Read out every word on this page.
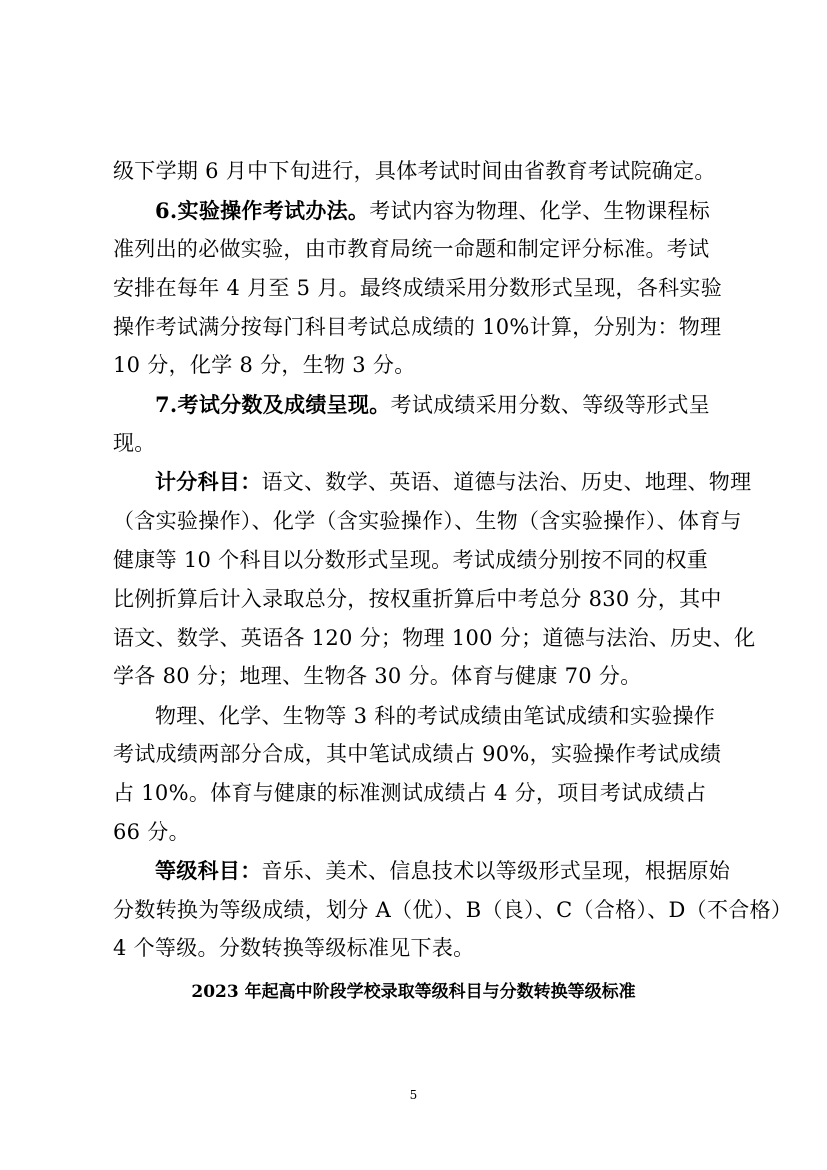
级下学期 6 月中下旬进行，具体考试时间由省教育考试院确定。
6.实验操作考试办法。考试内容为物理、化学、生物课程标
准列出的必做实验，由市教育局统一命题和制定评分标准。考试
安排在每年 4 月至 5 月。最终成绩采用分数形式呈现，各科实验
操作考试满分按每门科目考试总成绩的 10%计算，分别为：物理
10 分，化学 8 分，生物 3 分。
7.考试分数及成绩呈现。考试成绩采用分数、等级等形式呈
现。
计分科目：语文、数学、英语、道德与法治、历史、地理、物理
（含实验操作）、化学（含实验操作）、生物（含实验操作）、体育与
健康等 10 个科目以分数形式呈现。考试成绩分别按不同的权重
比例折算后计入录取总分，按权重折算后中考总分 830 分，其中
语文、数学、英语各 120 分；物理 100 分；道德与法治、历史、化
学各 80 分；地理、生物各 30 分。体育与健康 70 分。
物理、化学、生物等 3 科的考试成绩由笔试成绩和实验操作
考试成绩两部分合成，其中笔试成绩占 90%，实验操作考试成绩
占 10%。体育与健康的标准测试成绩占 4 分，项目考试成绩占
66 分。
等级科目：音乐、美术、信息技术以等级形式呈现，根据原始
分数转换为等级成绩，划分 A（优）、B（良）、C（合格）、D（不合格）
4 个等级。分数转换等级标准见下表。
2023 年起高中阶段学校录取等级科目与分数转换等级标准
5
